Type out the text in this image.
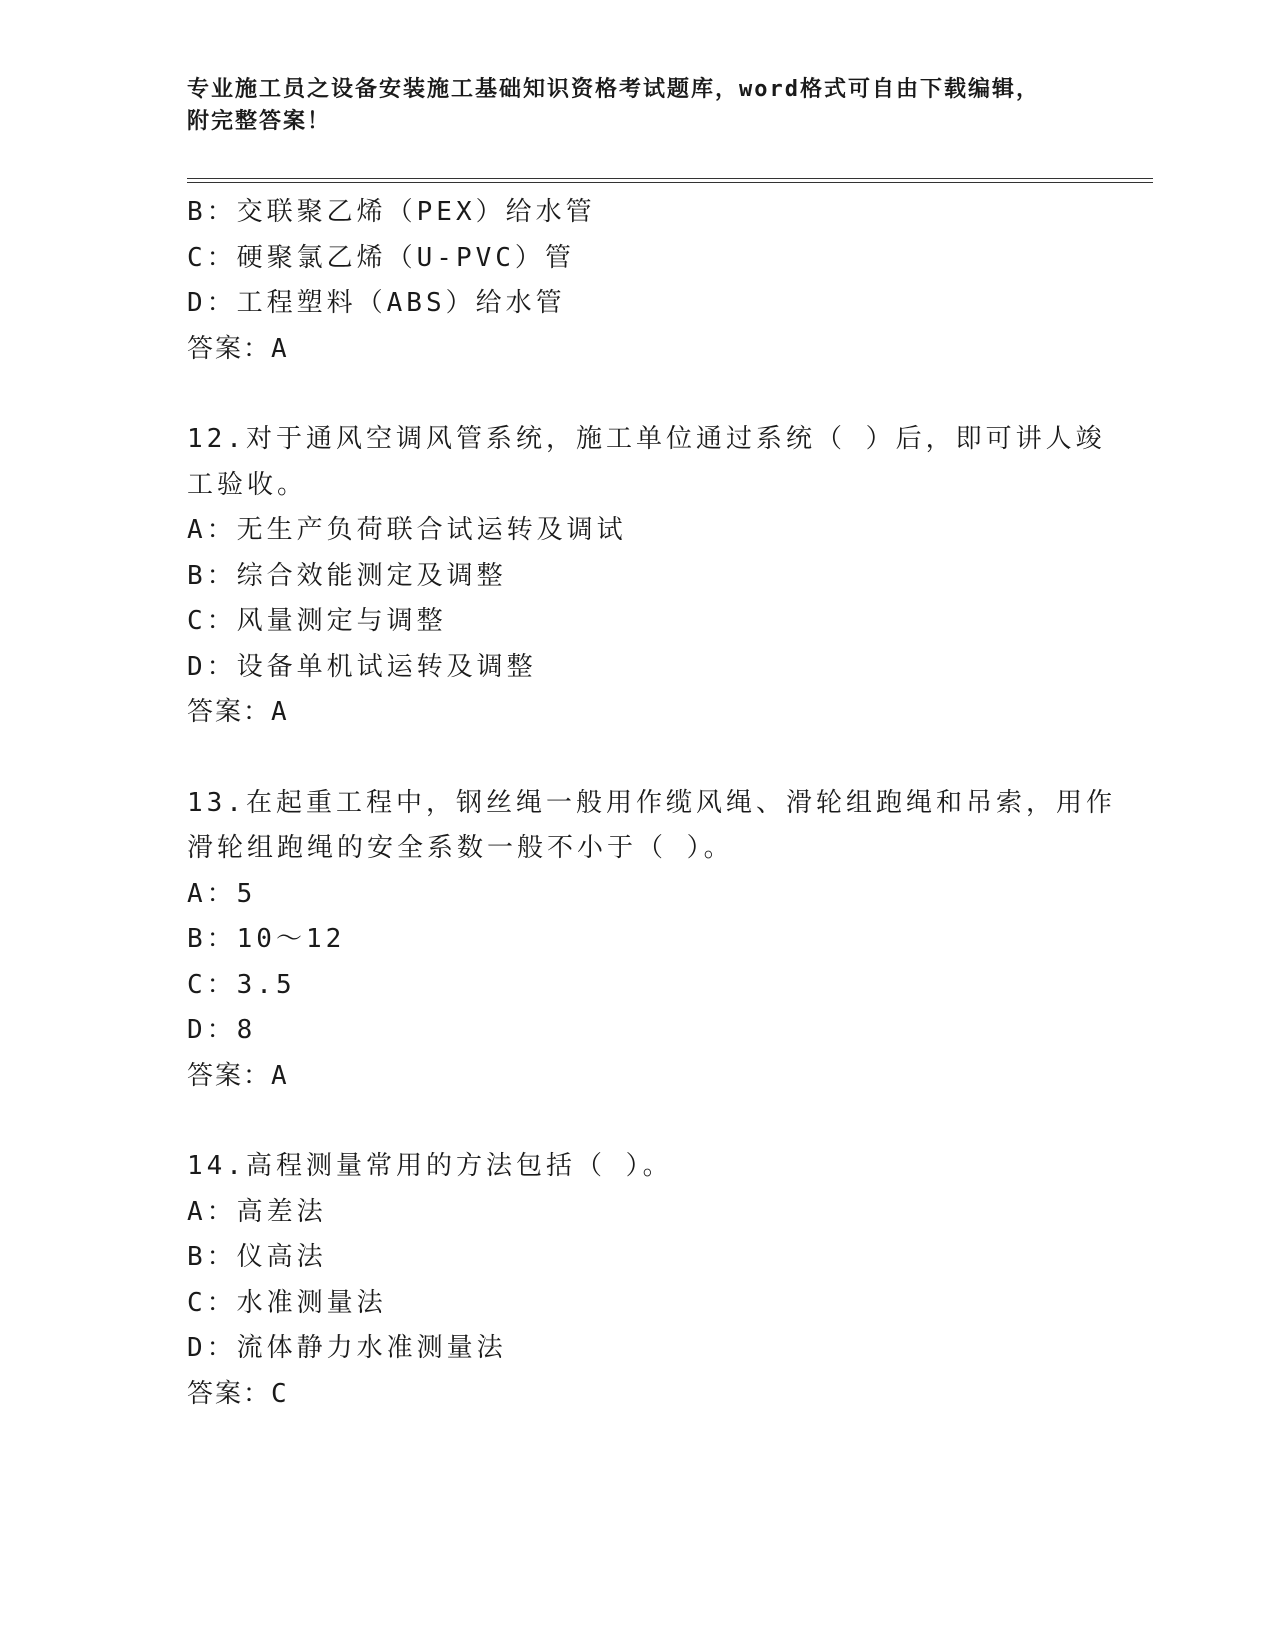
专业施工员之设备安装施工基础知识资格考试题库，word格式可自由下载编辑，
附完整答案！
B：交联聚乙烯（PEX）给水管
C：硬聚氯乙烯（U-PVC）管
D：工程塑料（ABS）给水管
答案：A
12.对于通风空调风管系统，施工单位通过系统（ ）后，即可讲人竣
工验收。
A：无生产负荷联合试运转及调试
B：综合效能测定及调整
C：风量测定与调整
D：设备单机试运转及调整
答案：A
13.在起重工程中，钢丝绳一般用作缆风绳、滑轮组跑绳和吊索，用作
滑轮组跑绳的安全系数一般不小于（ ）。
A：5
B：10～12
C：3.5
D：8
答案：A
14.高程测量常用的方法包括（ ）。
A：高差法
B：仪高法
C：水准测量法
D：流体静力水准测量法
答案：C
